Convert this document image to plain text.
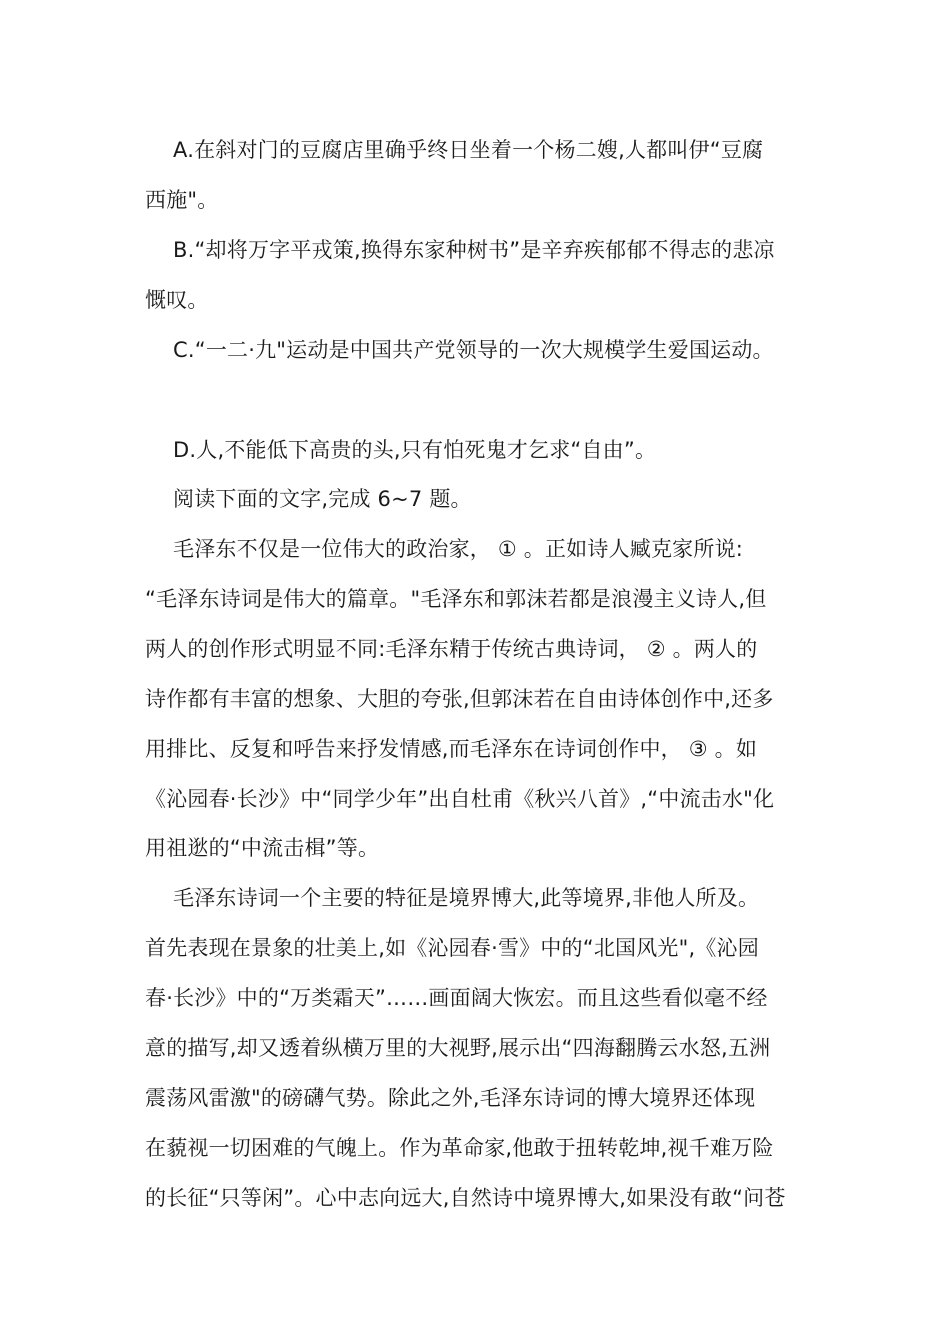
A.在斜对门的豆腐店里确乎终日坐着一个杨二嫂,人都叫伊“豆腐
西施"。
B.“却将万字平戎策,换得东家种树书”是辛弃疾郁郁不得志的悲凉
慨叹。
C.“一二·九"运动是中国共产党领导的一次大规模学生爱国运动。
D.人,不能低下高贵的头,只有怕死鬼才乞求“自由”。
阅读下面的文字,完成 6~7 题。
毛泽东不仅是一位伟大的政治家， ① 。正如诗人臧克家所说:
“毛泽东诗词是伟大的篇章。"毛泽东和郭沫若都是浪漫主义诗人,但
两人的创作形式明显不同:毛泽东精于传统古典诗词， ② 。两人的
诗作都有丰富的想象、大胆的夸张,但郭沫若在自由诗体创作中,还多
用排比、反复和呼告来抒发情感,而毛泽东在诗词创作中， ③ 。如
《沁园春·长沙》中“同学少年”出自杜甫《秋兴八首》,“中流击水"化
用祖逖的“中流击楫”等。
毛泽东诗词一个主要的特征是境界博大,此等境界,非他人所及。
首先表现在景象的壮美上,如《沁园春·雪》中的“北国风光",《沁园
春·长沙》中的“万类霜天”……画面阔大恢宏。而且这些看似毫不经
意的描写,却又透着纵横万里的大视野,展示出“四海翻腾云水怒,五洲
震荡风雷激"的磅礴气势。除此之外,毛泽东诗词的博大境界还体现
在藐视一切困难的气魄上。作为革命家,他敢于扭转乾坤,视千难万险
的长征“只等闲”。心中志向远大,自然诗中境界博大,如果没有敢“问苍
